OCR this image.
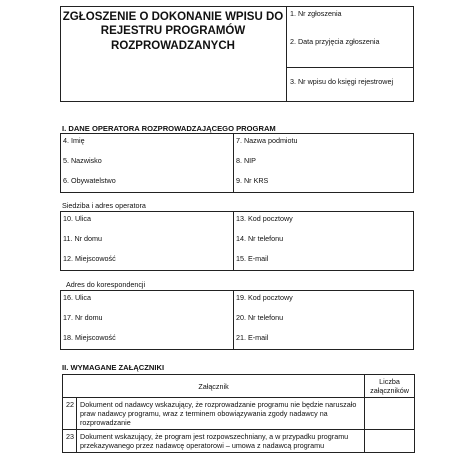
ZGŁOSZENIE O DOKONANIE WPISU DO REJESTRU PROGRAMÓW ROZPROWADZANYCH
1. Nr zgłoszenia
2. Data przyjęcia zgłoszenia
3. Nr wpisu do księgi rejestrowej
I. DANE OPERATORA ROZPROWADZAJĄCEGO PROGRAM
4. Imię
5. Nazwisko
6. Obywatelstwo
7. Nazwa podmiotu
8. NIP
9. Nr KRS
Siedziba i adres operatora
10. Ulica
11. Nr domu
12. Miejscowość
13. Kod pocztowy
14. Nr telefonu
15. E-mail
Adres do korespondencji
16. Ulica
17. Nr domu
18. Miejscowość
19. Kod pocztowy
20. Nr telefonu
21. E-mail
II. WYMAGANE ZAŁĄCZNIKI
Załącznik		Liczba załączników
22	Dokument od nadawcy wskazujący, że rozprowadzanie programu nie będzie naruszało praw nadawcy programu, wraz z terminem obowiązywania zgody nadawcy na rozprowadzanie	
23	Dokument wskazujący, że program jest rozpowszechniany, a w przypadku programu przekazywanego przez nadawcę operatorowi – umowa z nadawcą programu	
